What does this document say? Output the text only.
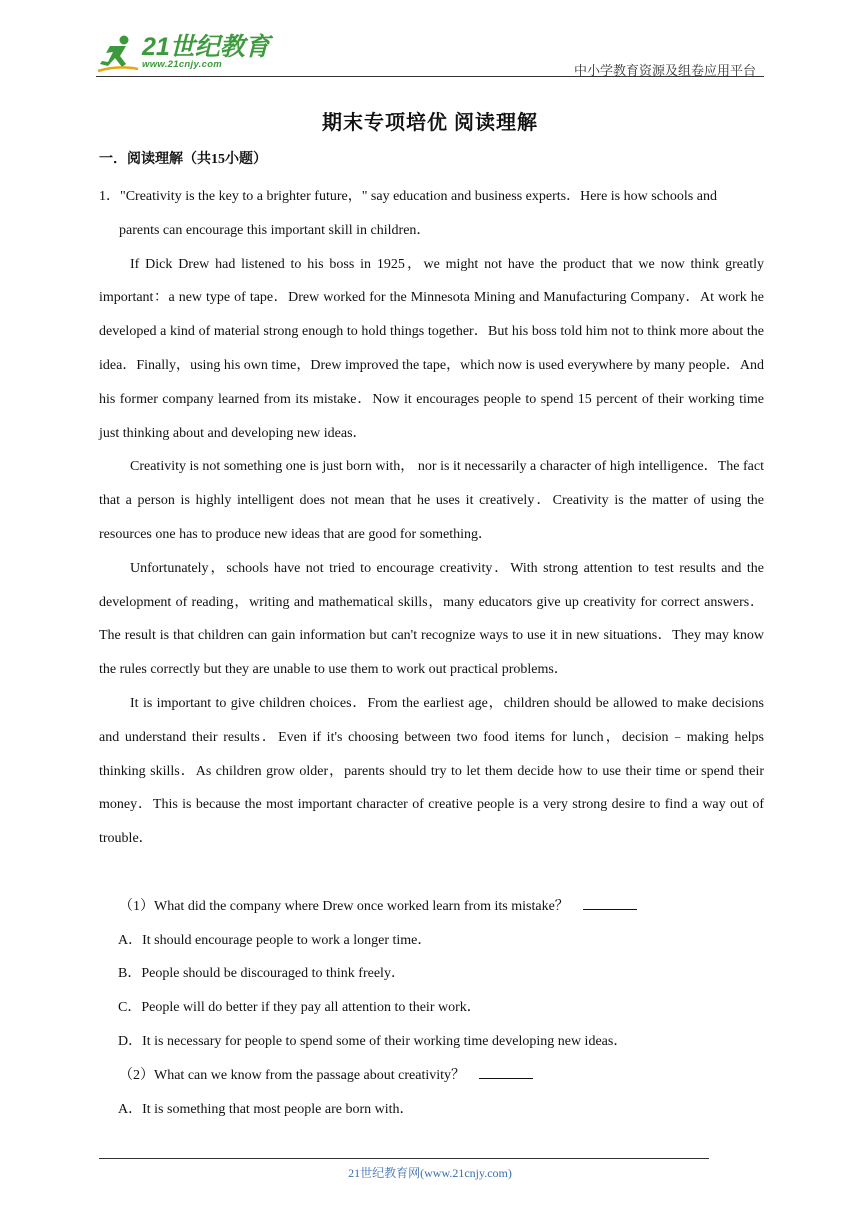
21世纪教育
www.21cnjy.com	中小学教育资源及组卷应用平台
期末专项培优 阅读理解
一．阅读理解（共15小题）
1．"Creativity is the key to a brighter future，" say education and business experts．Here is how schools and
parents can encourage this important skill in children．

If Dick Drew had listened to his boss in 1925，we might not have the product that we now think greatly important：a new type of tape．Drew worked for the Minnesota Mining and Manufacturing Company．At work he developed a kind of material strong enough to hold things together．But his boss told him not to think more about the idea．Finally，using his own time，Drew improved the tape，which now is used everywhere by many people．And his former company learned from its mistake．Now it encourages people to spend 15 percent of their working time just thinking about and developing new ideas．

Creativity is not something one is just born with， nor is it necessarily a character of high intelligence．The fact that a person is highly intelligent does not mean that he uses it creatively．Creativity is the matter of using the resources one has to produce new ideas that are good for something．

Unfortunately，schools have not tried to encourage creativity．With strong attention to test results and the development of reading，writing and mathematical skills，many educators give up creativity for correct answers． The result is that children can gain information but can't recognize ways to use it in new situations．They may know the rules correctly but they are unable to use them to work out practical problems．

It is important to give children choices．From the earliest age，children should be allowed to make decisions and understand their results．Even if it's choosing between two food items for lunch，decision﹣making helps thinking skills．As children grow older，parents should try to let them decide how to use their time or spend their money．This is because the most important character of creative people is a very strong desire to find a way out of trouble．

（1）What did the company where Drew once worked learn from its mistake？
A．It should encourage people to work a longer time．
B．People should be discouraged to think freely．
C．People will do better if they pay all attention to their work．
D．It is necessary for people to spend some of their working time developing new ideas．
（2）What can we know from the passage about creativity？
A．It is something that most people are born with．
21世纪教育网(www.21cnjy.com)
